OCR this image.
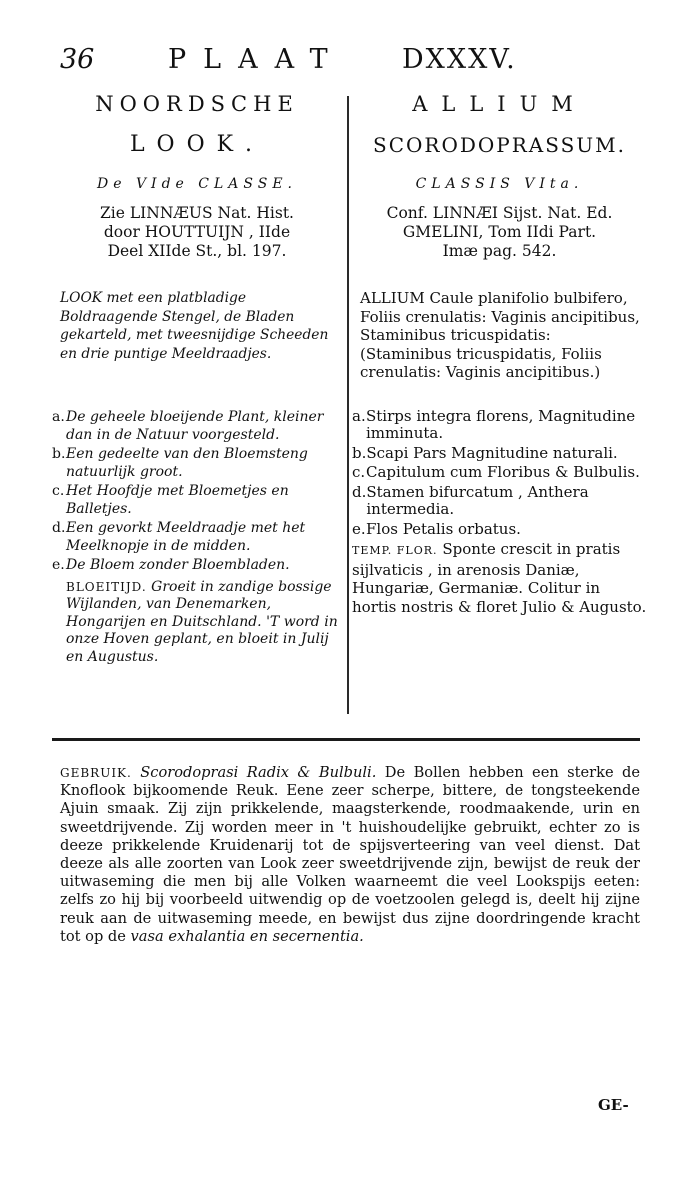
36	PLAAT DXXXV.
NOORDSCHE
LOOK.
De VIde CLASSE.
Zie LINNÆUS Nat. Hist.
door HOUTTUIJN , IIde
Deel XIIde St., bl. 197.
LOOK met een platbladige Boldraagende Stengel, de Bladen gekarteld, met tweesnijdige Scheeden en drie puntige Meeldraadjes.
a. De geheele bloeijende Plant, kleiner dan in de Natuur voorgesteld.
b. Een gedeelte van den Bloemsteng natuurlijk groot.
c. Het Hoofdje met Bloemetjes en Balletjes.
d. Een gevorkt Meeldraadje met het Meelknopje in de midden.
e. De Bloem zonder Bloembladen.
BLOEITIJD. Groeit in zandige bossige Wijlanden, van Denemarken, Hongarijen en Duitschland. 'T word in onze Hoven geplant, en bloeit in Julij en Augustus.
ALLIUM
SCORODOPRASSUM.
CLASSIS VIta.
Conf. LINNÆI Sijst. Nat. Ed.
GMELINI, Tom IIdi Part.
Imæ pag. 542.
ALLIUM Caule planifolio bulbifero, Foliis crenulatis: Vaginis ancipitibus, Staminibus tricuspidatis: (Staminibus tricuspidatis, Foliis crenulatis: Vaginis ancipitibus.)
a. Stirps integra florens, Magnitudine imminuta.
b. Scapi Pars Magnitudine naturali.
c. Capitulum cum Floribus & Bulbulis.
d. Stamen bifurcatum , Anthera intermedia.
e. Flos Petalis orbatus.
TEMP. FLOR. Sponte crescit in pratis sijlvaticis , in arenosis Daniæ, Hungariæ, Germaniæ. Colitur in hortis nostris & floret Julio & Augusto.
GEBRUIK. Scorodoprasi Radix & Bulbuli. De Bollen hebben een sterke de Knoflook bijkoomende Reuk. Eene zeer scherpe, bittere, de tongsteekende Ajuin smaak. Zij zijn prikkelende, maagsterkende, roodmaakende, urin en sweetdrijvende. Zij worden meer in 't huishoudelijke gebruikt, echter zo is deeze prikkelende Kruidenarij tot de spijsverteering van veel dienst. Dat deeze als alle zoorten van Look zeer sweetdrijvende zijn, bewijst de reuk der uitwaseming die men bij alle Volken waarneemt die veel Lookspijs eeten: zelfs zo hij bij voorbeeld uitwendig op de voetzoolen gelegd is, deelt hij zijne reuk aan de uitwaseming meede, en bewijst dus zijne doordringende kracht tot op de vasa exhalantia en secernentia.
GE-
